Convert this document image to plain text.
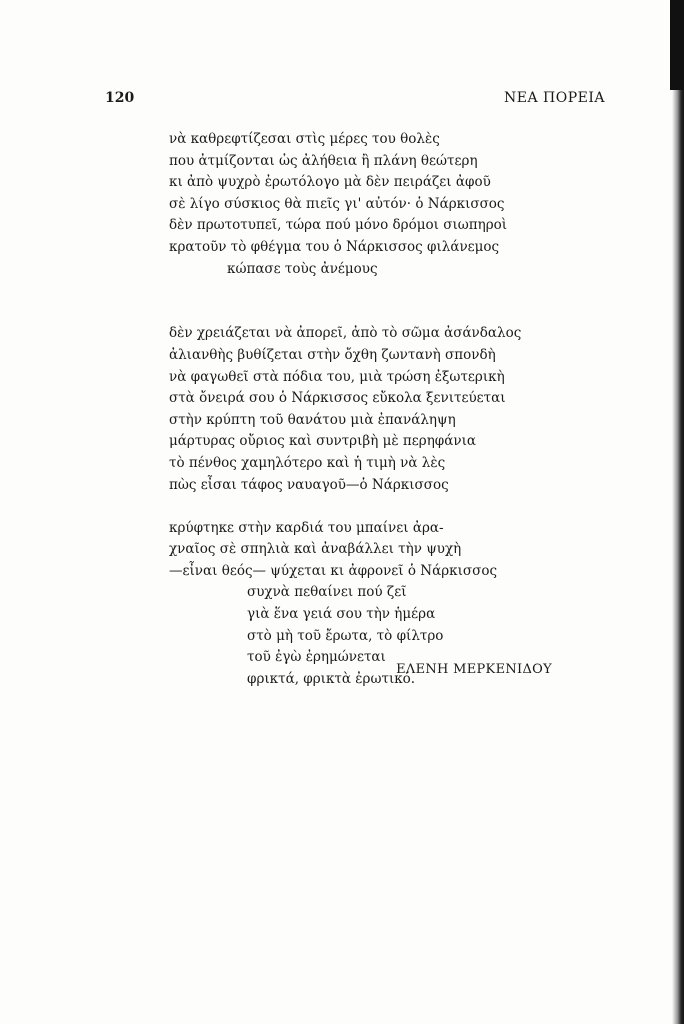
120	ΝΕΑ ΠΟΡΕΙΑ
νὰ καθρεφτίζεσαι στὶς μέρες του θολὲς
που ἀτμίζονται ὡς ἀλήθεια ἢ πλάνη θεώτερη
κι ἀπὸ ψυχρὸ ἐρωτόλογο μὰ δὲν πειράζει ἀφοῦ
σὲ λίγο σύσκιος θὰ πιεῖς γι' αὐτόν· ὁ Νάρκισσος
δὲν πρωτοτυπεῖ, τώρα πού μόνο δρόμοι σιωπηροὶ
κρατοῦν τὸ φθέγμα του ὁ Νάρκισσος φιλάνεμος
κώπασε τοὺς ἀνέμους
δὲν χρειάζεται νὰ ἀπορεῖ, ἀπὸ τὸ σῶμα ἀσάνδαλος
ἀλιανθὴς βυθίζεται στὴν ὄχθη ζωντανὴ σπονδὴ
νὰ φαγωθεῖ στὰ πόδια του, μιὰ τρώση ἐξωτερικὴ
στὰ ὄνειρά σου ὁ Νάρκισσος εὔκολα ξενιτεύεται
στὴν κρύπτη τοῦ θανάτου μιὰ ἐπανάληψη
μάρτυρας οὔριος καὶ συντριβὴ μὲ περηφάνια
τὸ πένθος χαμηλότερο καὶ ἡ τιμὴ νὰ λὲς
πὼς εἶσαι τάφος ναυαγοῦ—ὁ Νάρκισσος
κρύφτηκε στὴν καρδιά του μπαίνει ἀρα-
χναῖος σὲ σπηλιὰ καὶ ἀναβάλλει τὴν ψυχὴ
—εἶναι θεός— ψύχεται κι ἀφρονεῖ ὁ Νάρκισσος
συχνὰ πεθαίνει πού ζεῖ
γιὰ ἕνα γειά σου τὴν ἡμέρα
στὸ μὴ τοῦ ἔρωτα, τὸ φίλτρο
τοῦ ἐγὼ ἐρημώνεται
φρικτά, φρικτὰ ἐρωτικό.
ΕΛΕΝΗ ΜΕΡΚΕΝΙΔΟΥ
